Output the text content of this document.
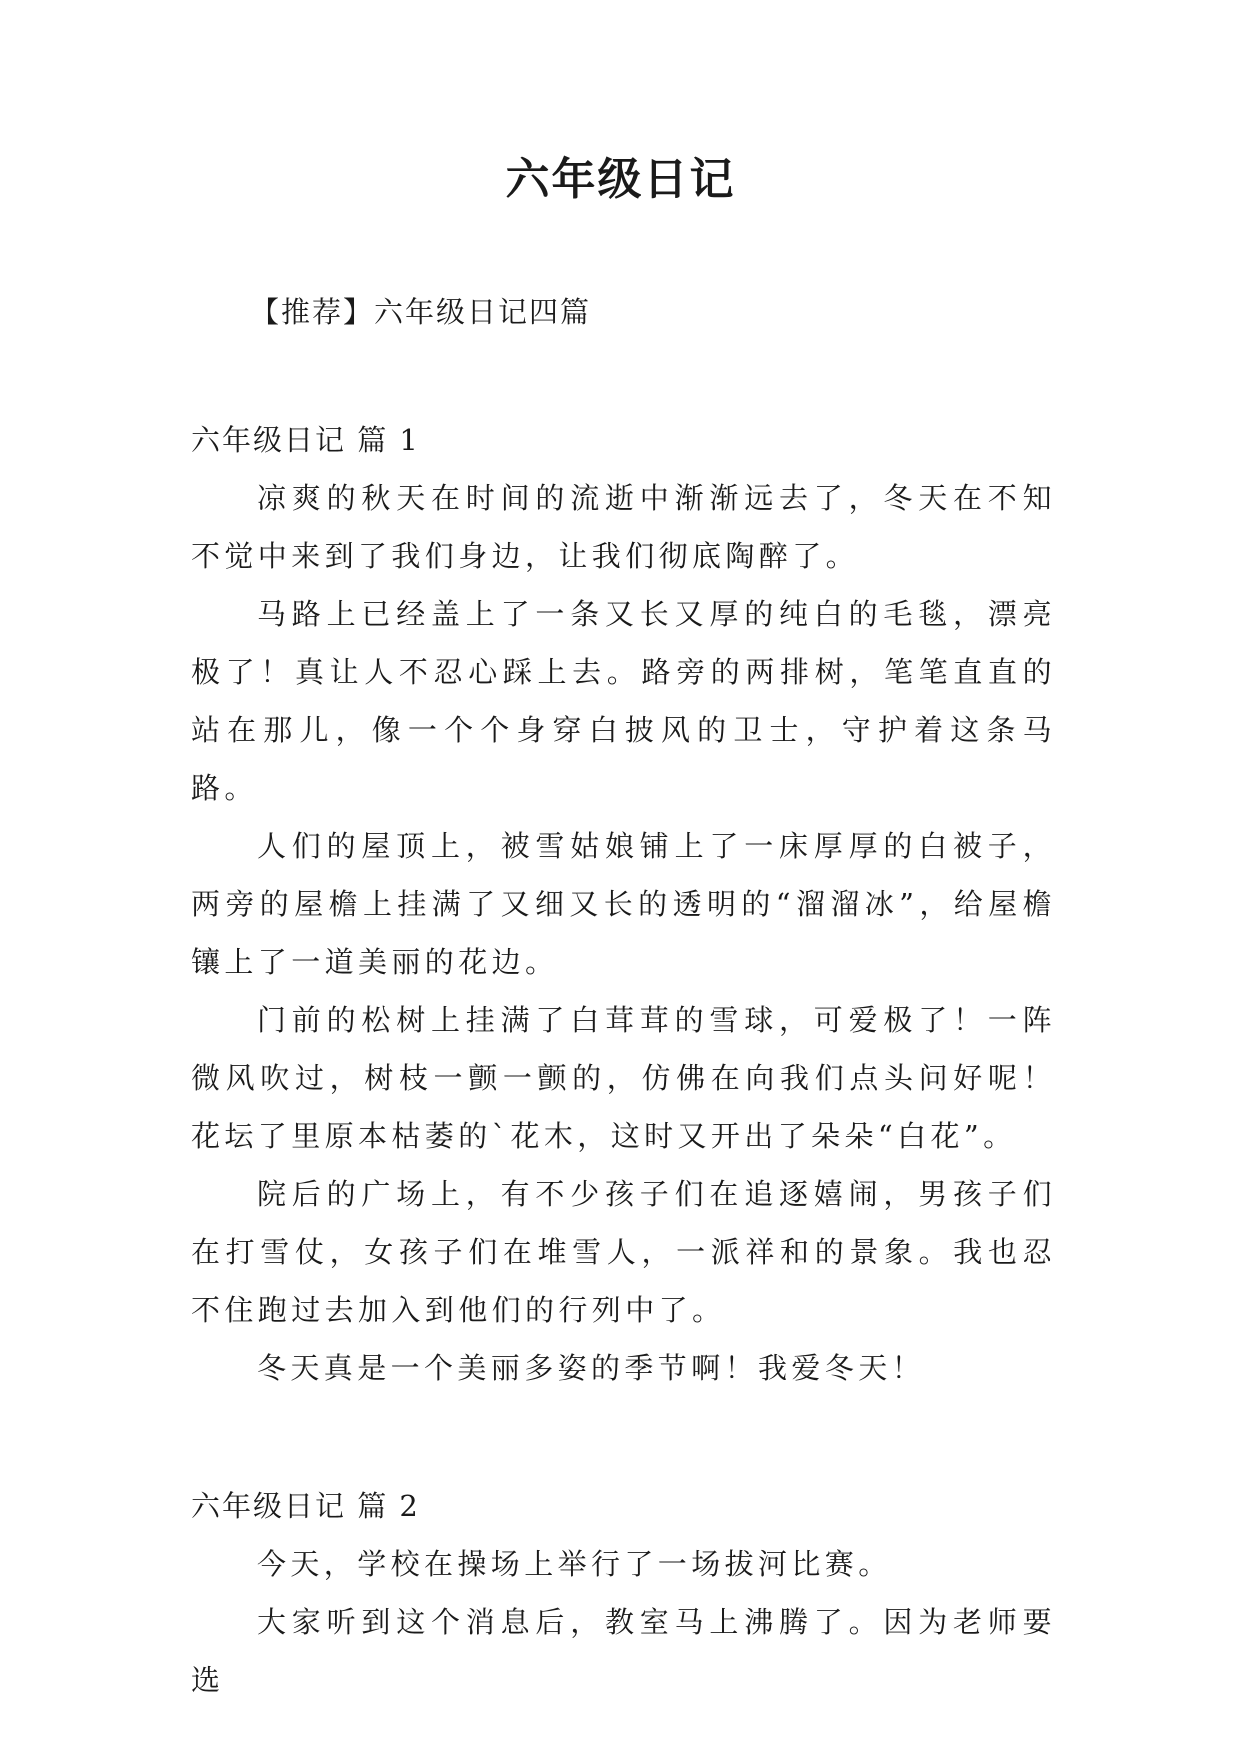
六年级日记

【推荐】六年级日记四篇

六年级日记 篇 1

凉爽的秋天在时间的流逝中渐渐远去了，冬天在不知不觉中来到了我们身边，让我们彻底陶醉了。

马路上已经盖上了一条又长又厚的纯白的毛毯，漂亮极了！真让人不忍心踩上去。路旁的两排树，笔笔直直的站在那儿，像一个个身穿白披风的卫士，守护着这条马路。

人们的屋顶上，被雪姑娘铺上了一床厚厚的白被子，两旁的屋檐上挂满了又细又长的透明的“溜溜冰”，给屋檐镶上了一道美丽的花边。

门前的松树上挂满了白茸茸的雪球，可爱极了！一阵微风吹过，树枝一颤一颤的，仿佛在向我们点头问好呢！花坛了里原本枯萎的`花木，这时又开出了朵朵“白花”。

院后的广场上，有不少孩子们在追逐嬉闹，男孩子们在打雪仗，女孩子们在堆雪人，一派祥和的景象。我也忍不住跑过去加入到他们的行列中了。

冬天真是一个美丽多姿的季节啊！我爱冬天！

六年级日记 篇 2

今天，学校在操场上举行了一场拔河比赛。

大家听到这个消息后，教室马上沸腾了。因为老师要选
